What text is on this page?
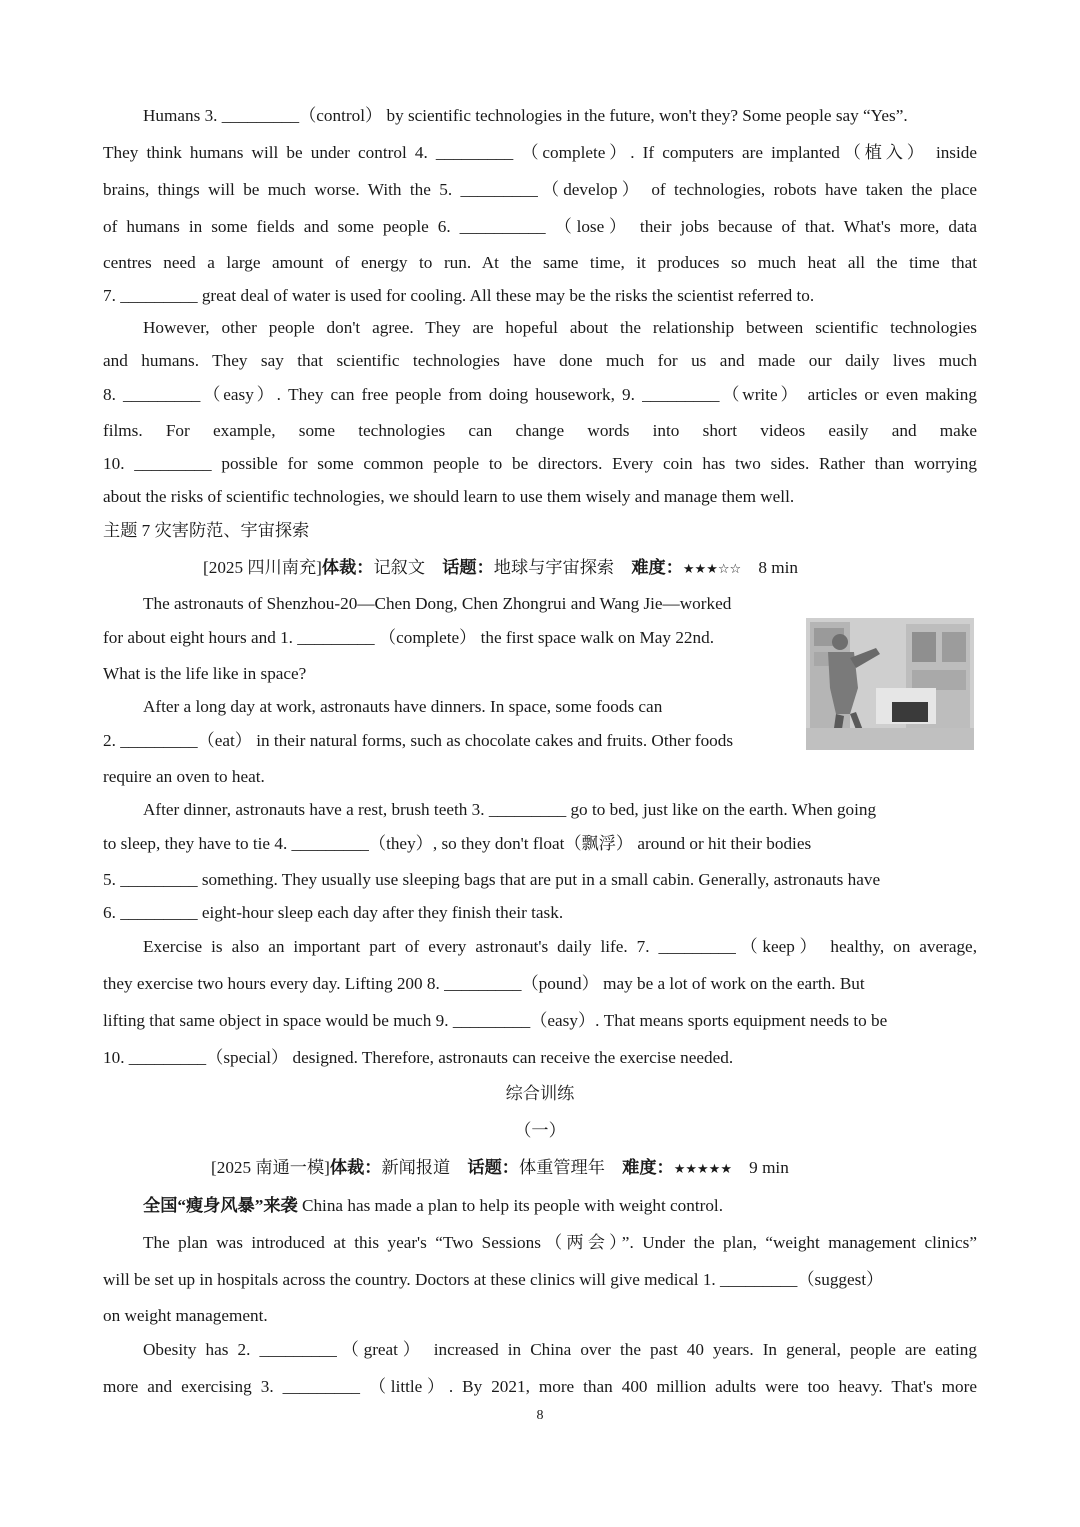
Humans 3. _________（control） by scientific technologies in the future, won't they? Some people say “Yes”.
They think humans will be under control 4. _________ （complete）. If computers are implanted（植入） inside
brains, things will be much worse. With the 5. _________（develop） of technologies, robots have taken the place
of humans in some fields and some people 6. __________ （lose） their jobs because of that. What's more, data
centres need a large amount of energy to run. At the same time, it produces so much heat all the time that
7. _________ great deal of water is used for cooling. All these may be the risks the scientist referred to.
However, other people don't agree. They are hopeful about the relationship between scientific technologies
and humans. They say that scientific technologies have done much for us and made our daily lives much
8. _________（easy）. They can free people from doing housework, 9. _________（write） articles or even making
films. For example, some technologies can change words into short videos easily and make
10. _________ possible for some common people to be directors. Every coin has two sides. Rather than worrying
about the risks of scientific technologies, we should learn to use them wisely and manage them well.
主题 7 灾害防范、宇宙探索
[2025 四川南充]体裁：记叙文 话题：地球与宇宙探索 难度：★★★☆☆ 8 min
The astronauts of Shenzhou-20—Chen Dong, Chen Zhongrui and Wang Jie—worked
for about eight hours and 1. _________ （complete） the first space walk on May 22nd.
What is the life like in space?
After a long day at work, astronauts have dinners. In space, some foods can
2. _________（eat） in their natural forms, such as chocolate cakes and fruits. Other foods
require an oven to heat.
After dinner, astronauts have a rest, brush teeth 3. _________ go to bed, just like on the earth. When going
to sleep, they have to tie 4. _________（they）, so they don't float（飘浮） around or hit their bodies
5. _________ something. They usually use sleeping bags that are put in a small cabin. Generally, astronauts have
6. _________ eight-hour sleep each day after they finish their task.
Exercise is also an important part of every astronaut's daily life. 7. _________（keep） healthy, on average,
they exercise two hours every day. Lifting 200 8. _________（pound） may be a lot of work on the earth. But
lifting that same object in space would be much 9. _________（easy）. That means sports equipment needs to be
10. _________（special） designed. Therefore, astronauts can receive the exercise needed.
综合训练
（一）
[2025 南通一模]体裁：新闻报道 话题：体重管理年 难度：★★★★★ 9 min
全国“瘦身风暴”来袭 China has made a plan to help its people with weight control.
The plan was introduced at this year's “Two Sessions（两会）”. Under the plan, “weight management clinics”
will be set up in hospitals across the country. Doctors at these clinics will give medical 1. _________（suggest）
on weight management.
Obesity has 2. _________（great） increased in China over the past 40 years. In general, people are eating
more and exercising 3. _________ （little）. By 2021, more than 400 million adults were too heavy. That's more
8
